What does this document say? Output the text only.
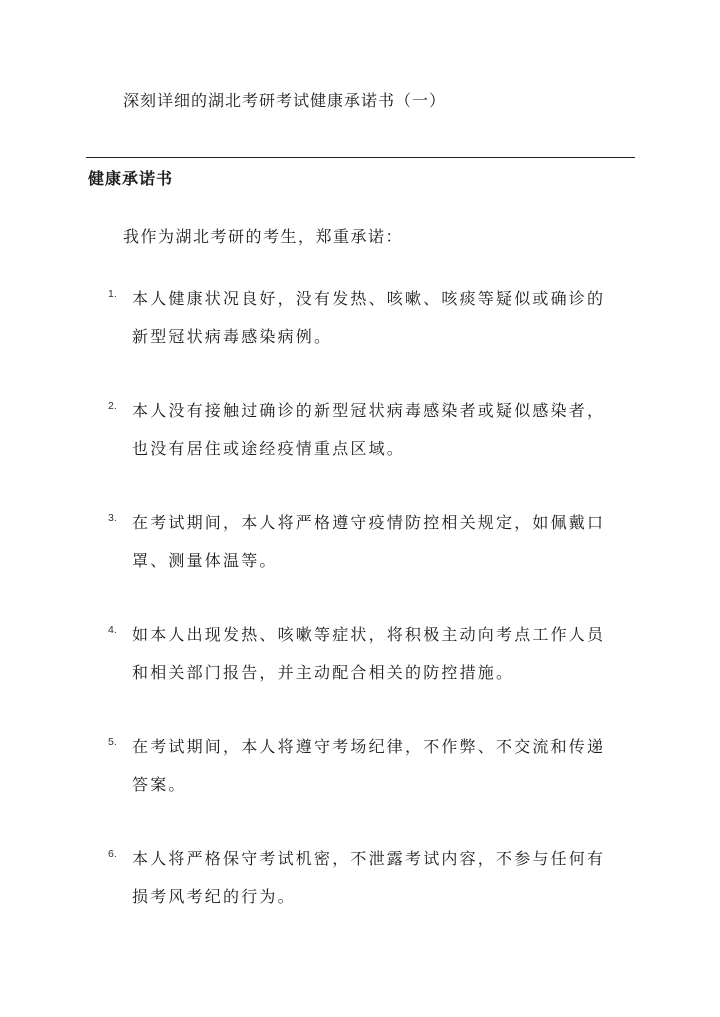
深刻详细的湖北考研考试健康承诺书（一）
健康承诺书
我作为湖北考研的考生，郑重承诺：
1. 本人健康状况良好，没有发热、咳嗽、咳痰等疑似或确诊的
新型冠状病毒感染病例。
2. 本人没有接触过确诊的新型冠状病毒感染者或疑似感染者，
也没有居住或途经疫情重点区域。
3. 在考试期间，本人将严格遵守疫情防控相关规定，如佩戴口
罩、测量体温等。
4. 如本人出现发热、咳嗽等症状，将积极主动向考点工作人员
和相关部门报告，并主动配合相关的防控措施。
5. 在考试期间，本人将遵守考场纪律，不作弊、不交流和传递
答案。
6. 本人将严格保守考试机密，不泄露考试内容，不参与任何有
损考风考纪的行为。
